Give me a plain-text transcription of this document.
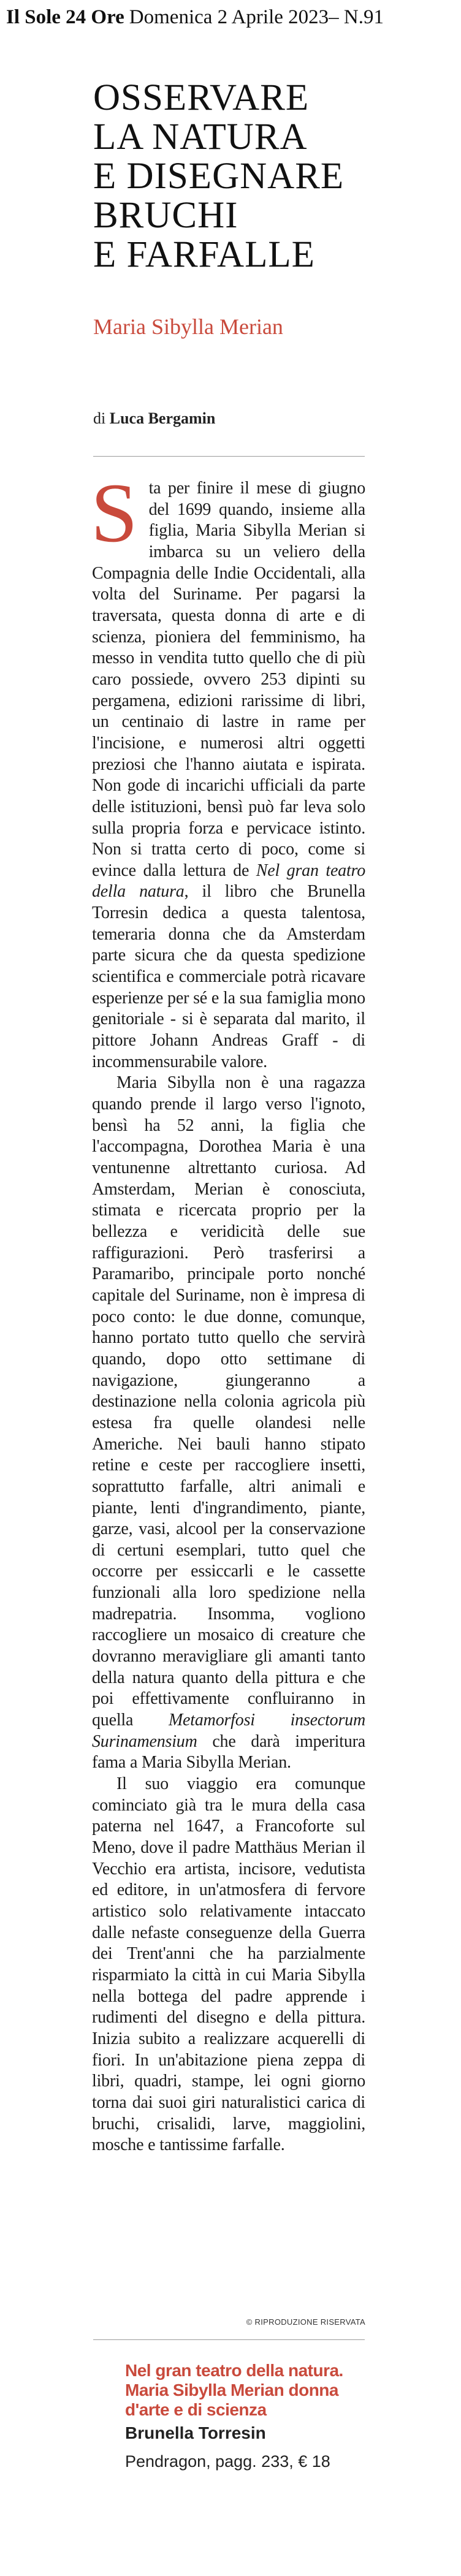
Il Sole 24 Ore Domenica 2 Aprile 2023– N.91
OSSERVARE
LA NATURA
E DISEGNARE
BRUCHI
E FARFALLE
Maria Sibylla Merian
di Luca Bergamin

Sta per finire il mese di giugno del 1699 quando, insieme alla figlia, Maria Sibylla Merian si imbarca su un veliero della Compagnia delle Indie Occidentali, alla volta del Suriname. Per pagarsi la traversata, questa donna di arte e di scienza, pioniera del femminismo, ha messo in vendita tutto quello che di più caro possiede, ovvero 253 dipinti su pergamena, edizioni rarissime di libri, un centinaio di lastre in rame per l'incisione, e numerosi altri oggetti preziosi che l'hanno aiutata e ispirata. Non gode di incarichi ufficiali da parte delle istituzioni, bensì può far leva solo sulla propria forza e pervicace istinto. Non si tratta certo di poco, come si evince dalla lettura de Nel gran teatro della natura, il libro che Brunella Torresin dedica a questa talentosa, temeraria donna che da Amsterdam parte sicura che da questa spedizione scientifica e commerciale potrà ricavare esperienze per sé e la sua famiglia mono genitoriale - si è separata dal marito, il pittore Johann Andreas Graff - di incommensurabile valore.

Maria Sibylla non è una ragazza quando prende il largo verso l'ignoto, bensì ha 52 anni, la figlia che l'accompagna, Dorothea Maria è una ventunenne altrettanto curiosa. Ad Amsterdam, Merian è conosciuta, stimata e ricercata proprio per la bellezza e veridicità delle sue raffigurazioni. Però trasferirsi a Paramaribo, principale porto nonché capitale del Suriname, non è impresa di poco conto: le due donne, comunque, hanno portato tutto quello che servirà quando, dopo otto settimane di navigazione, giungeranno a destinazione nella colonia agricola più estesa fra quelle olandesi nelle Americhe. Nei bauli hanno stipato retine e ceste per raccogliere insetti, soprattutto farfalle, altri animali e piante, lenti d'ingrandimento, piante, garze, vasi, alcool per la conservazione di certuni esemplari, tutto quel che occorre per essiccarli e le cassette funzionali alla loro spedizione nella madrepatria. Insomma, vogliono raccogliere un mosaico di creature che dovranno meravigliare gli amanti tanto della natura quanto della pittura e che poi effettivamente confluiranno in quella Metamorfosi insectorum Surinamensium che darà imperitura fama a Maria Sibylla Merian.

Il suo viaggio era comunque cominciato già tra le mura della casa paterna nel 1647, a Francoforte sul Meno, dove il padre Matthäus Merian il Vecchio era artista, incisore, vedutista ed editore, in un'atmosfera di fervore artistico solo relativamente intaccato dalle nefaste conseguenze della Guerra dei Trent'anni che ha parzialmente risparmiato la città in cui Maria Sibylla nella bottega del padre apprende i rudimenti del disegno e della pittura. Inizia subito a realizzare acquerelli di fiori. In un'abitazione piena zeppa di libri, quadri, stampe, lei ogni giorno torna dai suoi giri naturalistici carica di bruchi, crisalidi, larve, maggiolini, mosche e tantissime farfalle.

© RIPRODUZIONE RISERVATA
Nel gran teatro della natura. Maria Sibylla Merian donna d'arte e di scienza
Brunella Torresin
Pendragon, pagg. 233, € 18
